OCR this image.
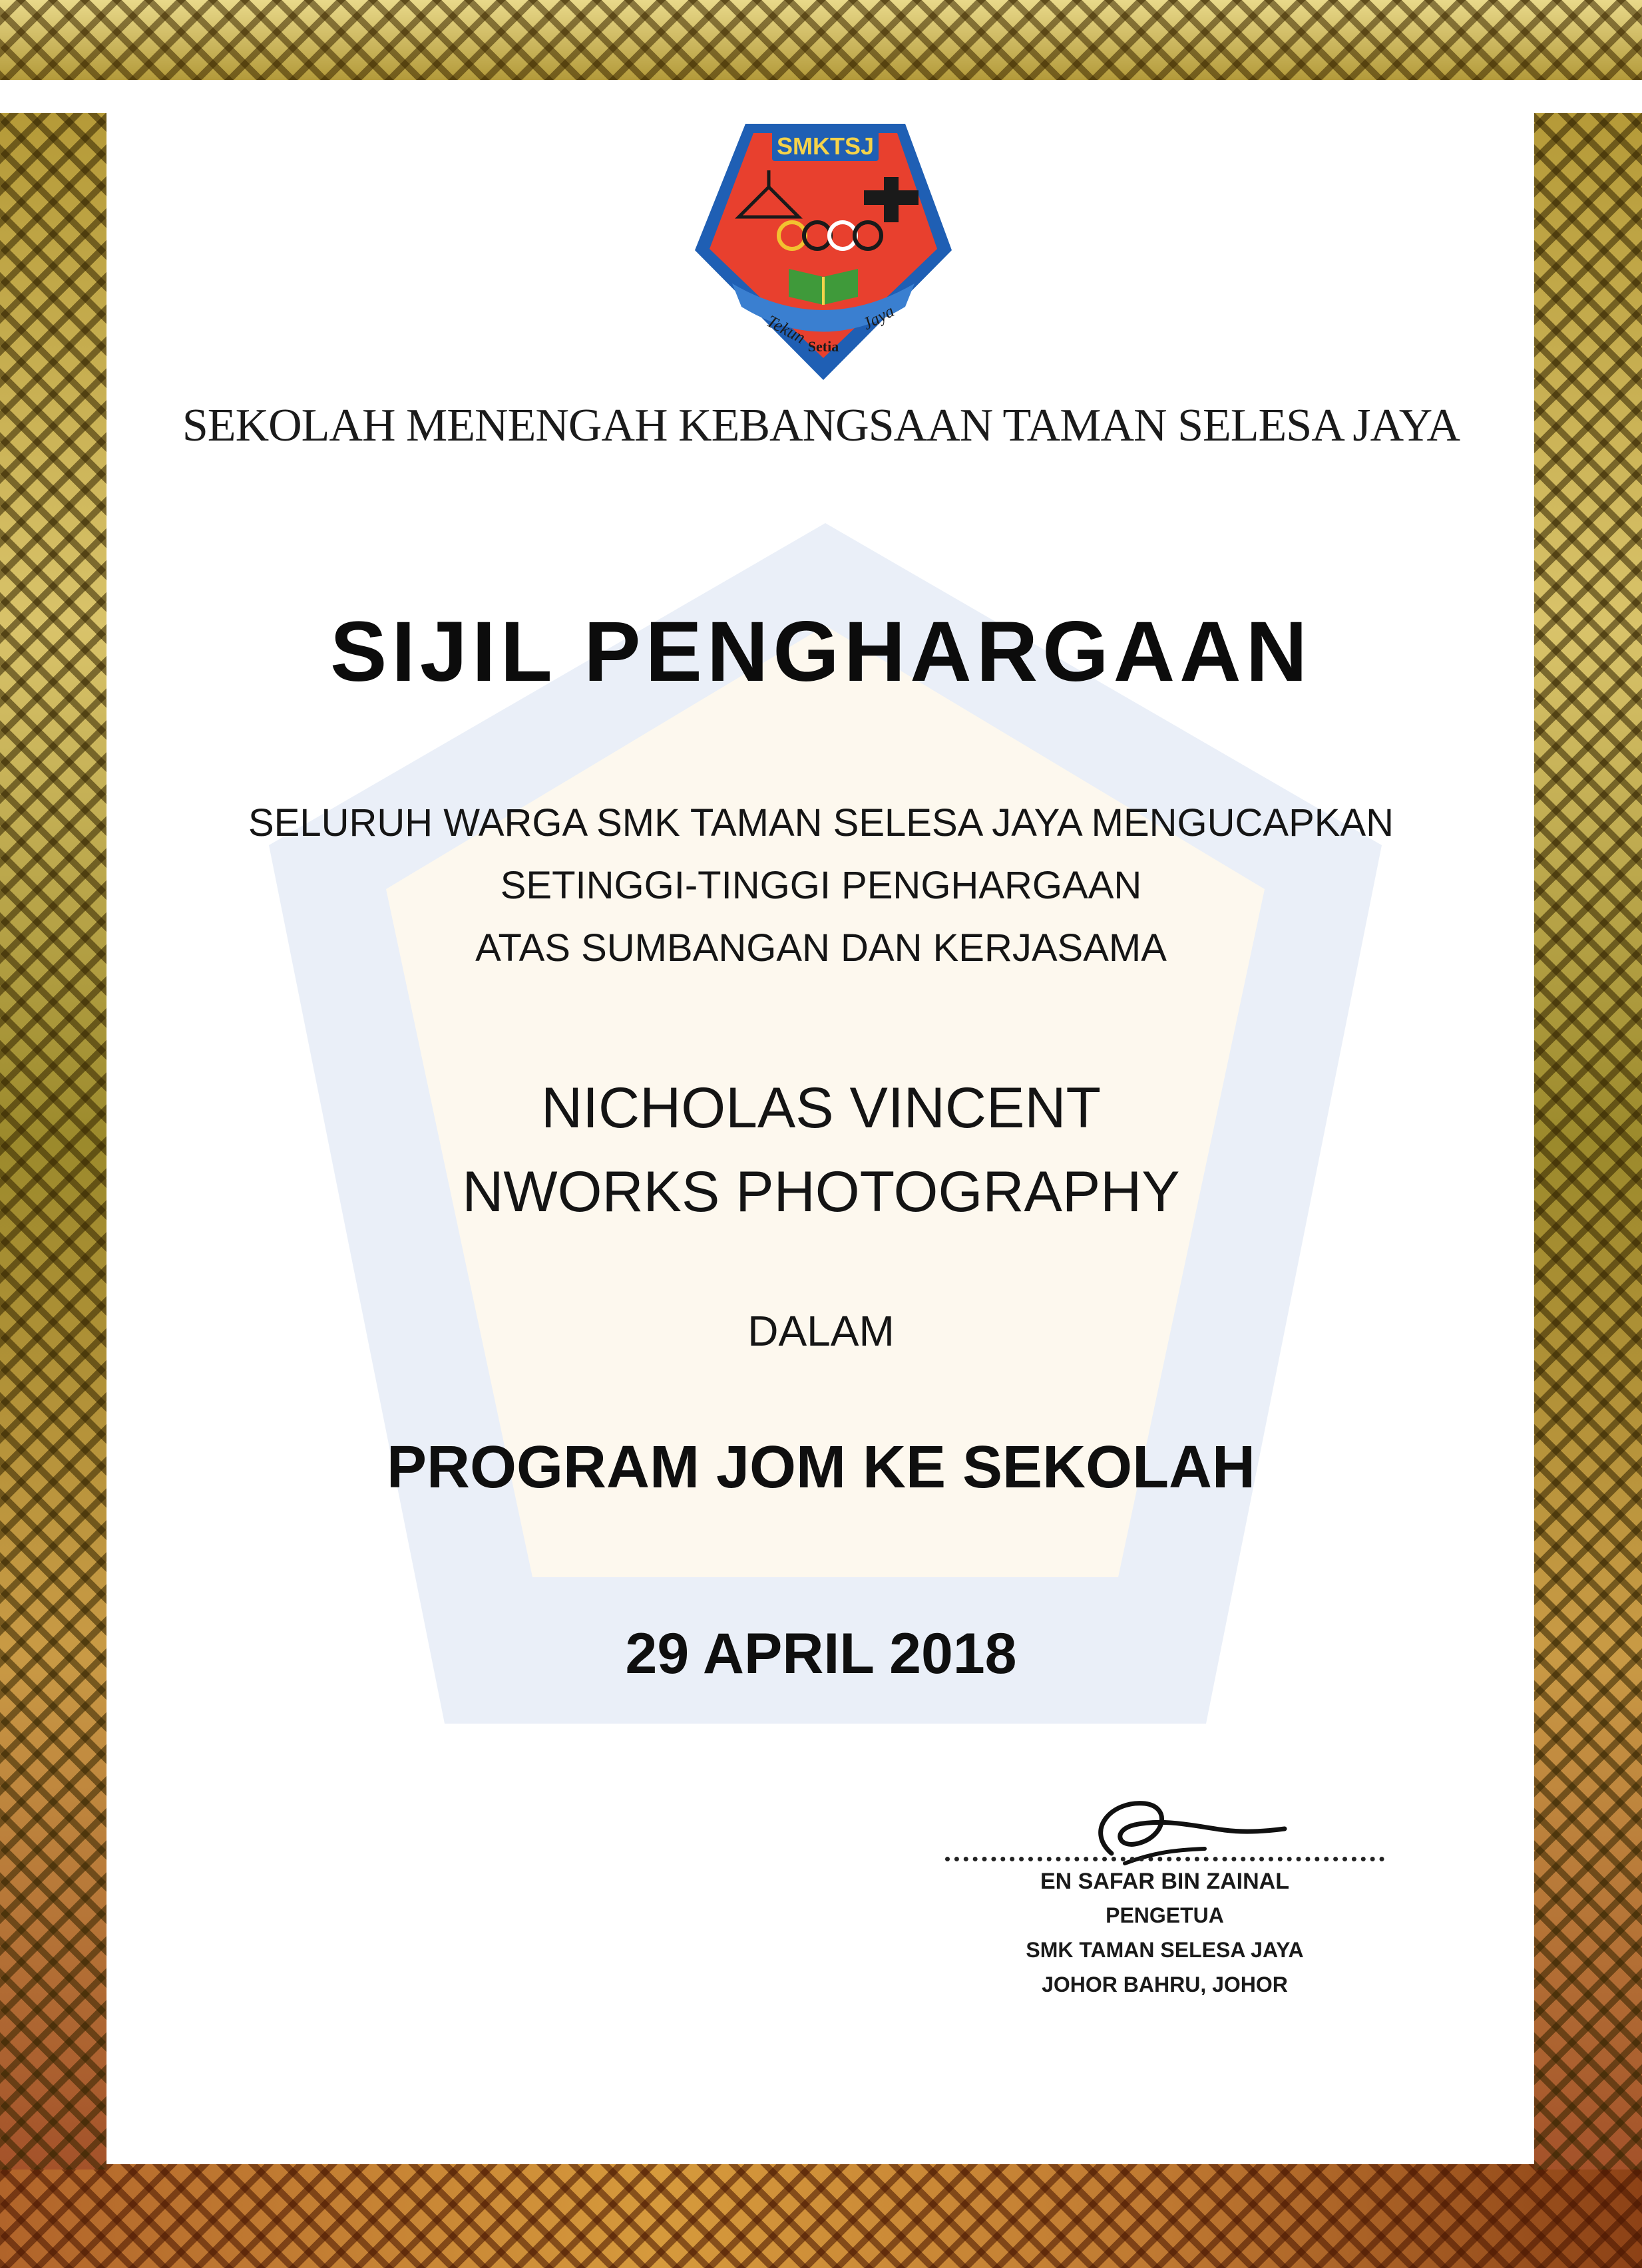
SMKTSJ
Tekun	Jaya
Setia

SEKOLAH MENENGAH KEBANGSAAN TAMAN SELESA JAYA

SIJIL PENGHARGAAN

SELURUH WARGA SMK TAMAN SELESA JAYA MENGUCAPKAN

SETINGGI-TINGGI PENGHARGAAN

ATAS SUMBANGAN DAN KERJASAMA

NICHOLAS VINCENT

NWORKS PHOTOGRAPHY

DALAM

PROGRAM JOM KE SEKOLAH

29 APRIL 2018

EN SAFAR BIN ZAINAL

PENGETUA

SMK TAMAN SELESA JAYA

JOHOR BAHRU, JOHOR
